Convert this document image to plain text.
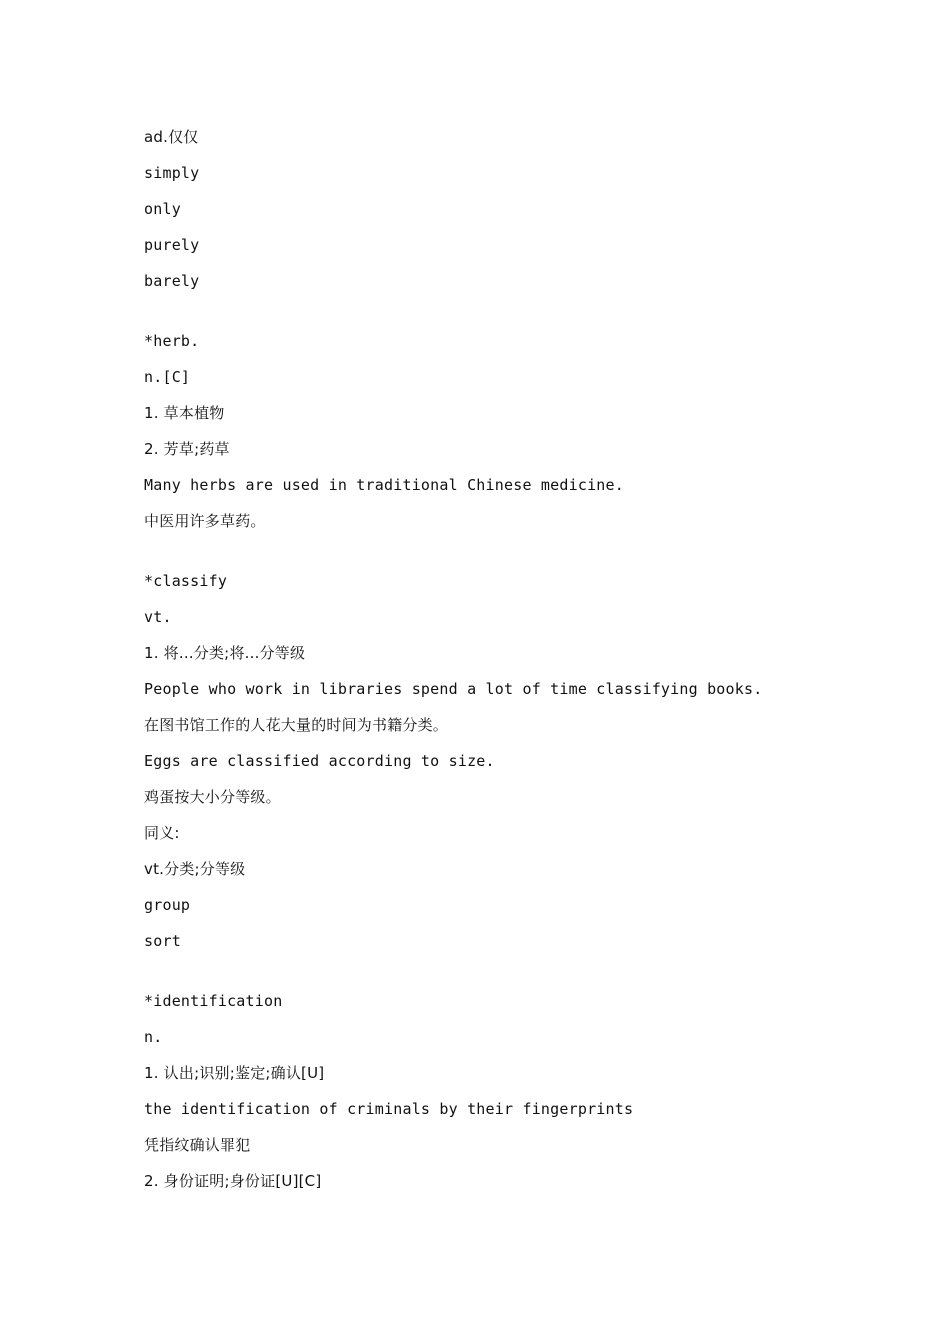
ad.仅仅
simply
only
purely
barely
*herb.
n.[C]
1. 草本植物
2. 芳草;药草
Many herbs are used in traditional Chinese medicine.
中医用许多草药。
*classify
vt.
1. 将...分类;将...分等级
People who work in libraries spend a lot of time classifying books.
在图书馆工作的人花大量的时间为书籍分类。
Eggs are classified according to size.
鸡蛋按大小分等级。
同义:
vt.分类;分等级
group
sort
*identification
n.
1. 认出;识别;鉴定;确认[U]
the identification of criminals by their fingerprints
凭指纹确认罪犯
2. 身份证明;身份证[U][C]
